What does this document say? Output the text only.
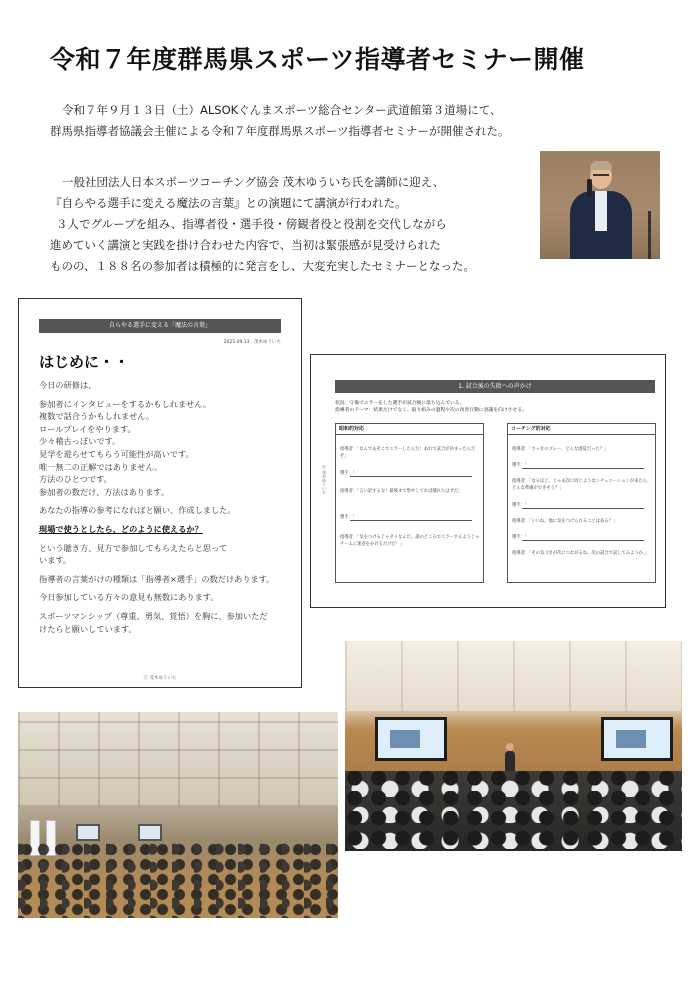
令和７年度群馬県スポーツ指導者セミナー開催
令和７年９月１３日（土）ALSOKぐんまスポーツ総合センター武道館第３道場にて、
群馬県指導者協議会主催による令和７年度群馬県スポーツ指導者セミナーが開催された。
一般社団法人日本スポーツコーチング協会 茂木ゆういち氏を講師に迎え、
『自らやる選手に変える魔法の言葉』との演題にて講演が行われた。
３人でグループを組み、指導者役・選手役・傍観者役と役割を交代しながら
進めていく講演と実践を掛け合わせた内容で、当初は緊張感が見受けられた
ものの、１８８名の参加者は積極的に発言をし、大変充実したセミナーとなった。
自らやる選手に変える「魔法の言葉」
2025.09.13　茂木ゆういち
はじめに・・
今日の研修は、
参加者にインタビューをするかもしれません。
複数で話合うかもしれません。
ロールプレイをやります。
少々稽古っぽいです。
見学を遊らせてもらう可能性が高いです。
唯一無二の正解ではありません。
方法のひとつです。
参加者の数だけ、方法はあります。
あなたの指導の参考になればと願い、作成しました。
現場で使うとしたら、どのように使えるか？
という聴き方、見方で参加してもらえたらと思って
います。
指導者の言葉がけの種類は「指導者×選手」の数だけあります。
今日参加している方々の意見も無数にあります。
スポーツマンシップ（尊重、勇気、覚悟）を胸に、参加いただ
けたらと願いしています。
Ⓒ 茂木ゆういち
1. 試合後の失敗への声かけ
状況：守備でエラーをした選手が試合後に落ち込んでいる。
指導者のテーマ：結果だけでなく、取り組みの過程や次の改善行動に意識を向けさせる。
Ⓒ 茂木ゆういち
昭和的対応
指導者：「なんであそこでエラーしたんだ！あれで試合が決まったんだぞ」
選手：「
指導者：「言い訳するな！最後まで集中してれば捕れたはずだ」
選手：「
指導者：「気をつけるじゃダメなんだ。誰のどころでエラーするようじゃチームに迷惑をかけるだけだ！」
コーチング的対応
指導者：「さっきのプレー、どんな感覚だった？」
選手：「
指導者：「なるほど。じゃあ次に同じようなシチュエーションが来たら、どんな準備ができそう？」
選手：「
指導者：「いいね。他に気をつけられることはある？」
選手：「
指導者：「その気づきが次につながるね。次の試合で試してみようか。」
